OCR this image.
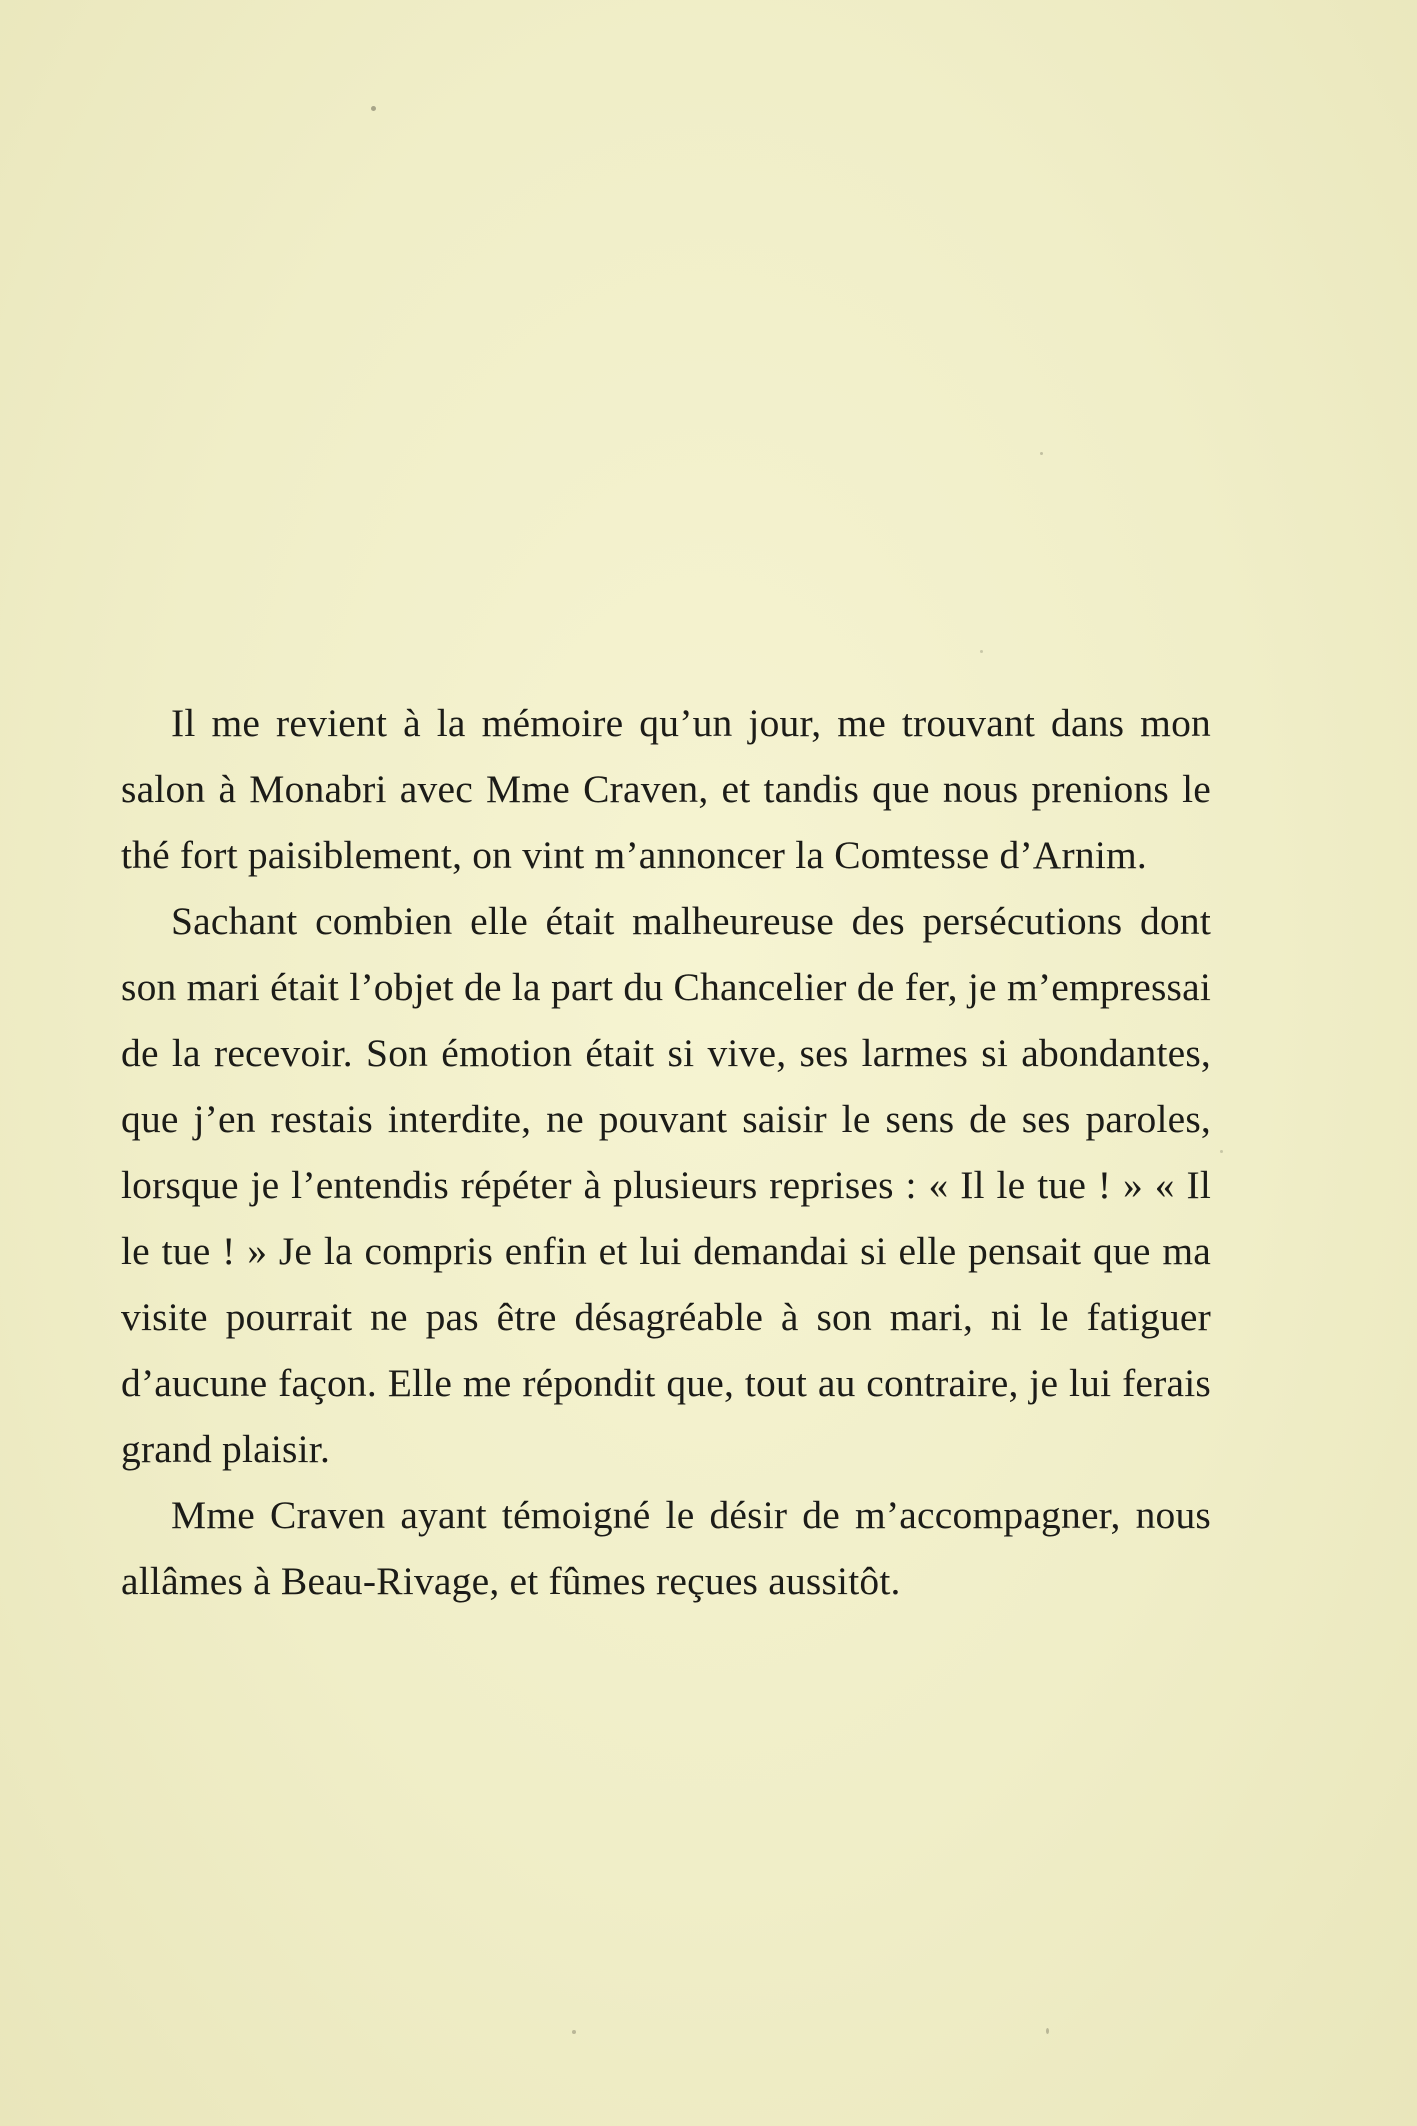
Il me revient à la mémoire qu’un jour, me trouvant dans mon salon à Monabri avec Mme Craven, et tandis que nous prenions le thé fort paisiblement, on vint m’annoncer la Comtesse d’Arnim.

Sachant combien elle était malheureuse des persécutions dont son mari était l’objet de la part du Chancelier de fer, je m’empressai de la recevoir. Son émotion était si vive, ses larmes si abondantes, que j’en restais interdite, ne pouvant saisir le sens de ses paroles, lorsque je l’entendis répéter à plusieurs reprises : « Il le tue ! » « Il le tue ! » Je la compris enfin et lui demandai si elle pensait que ma visite pourrait ne pas être désagréable à son mari, ni le fatiguer d’aucune façon. Elle me répondit que, tout au contraire, je lui ferais grand plaisir.

Mme Craven ayant témoigné le désir de m’accompagner, nous allâmes à Beau-Rivage, et fûmes reçues aussitôt.
